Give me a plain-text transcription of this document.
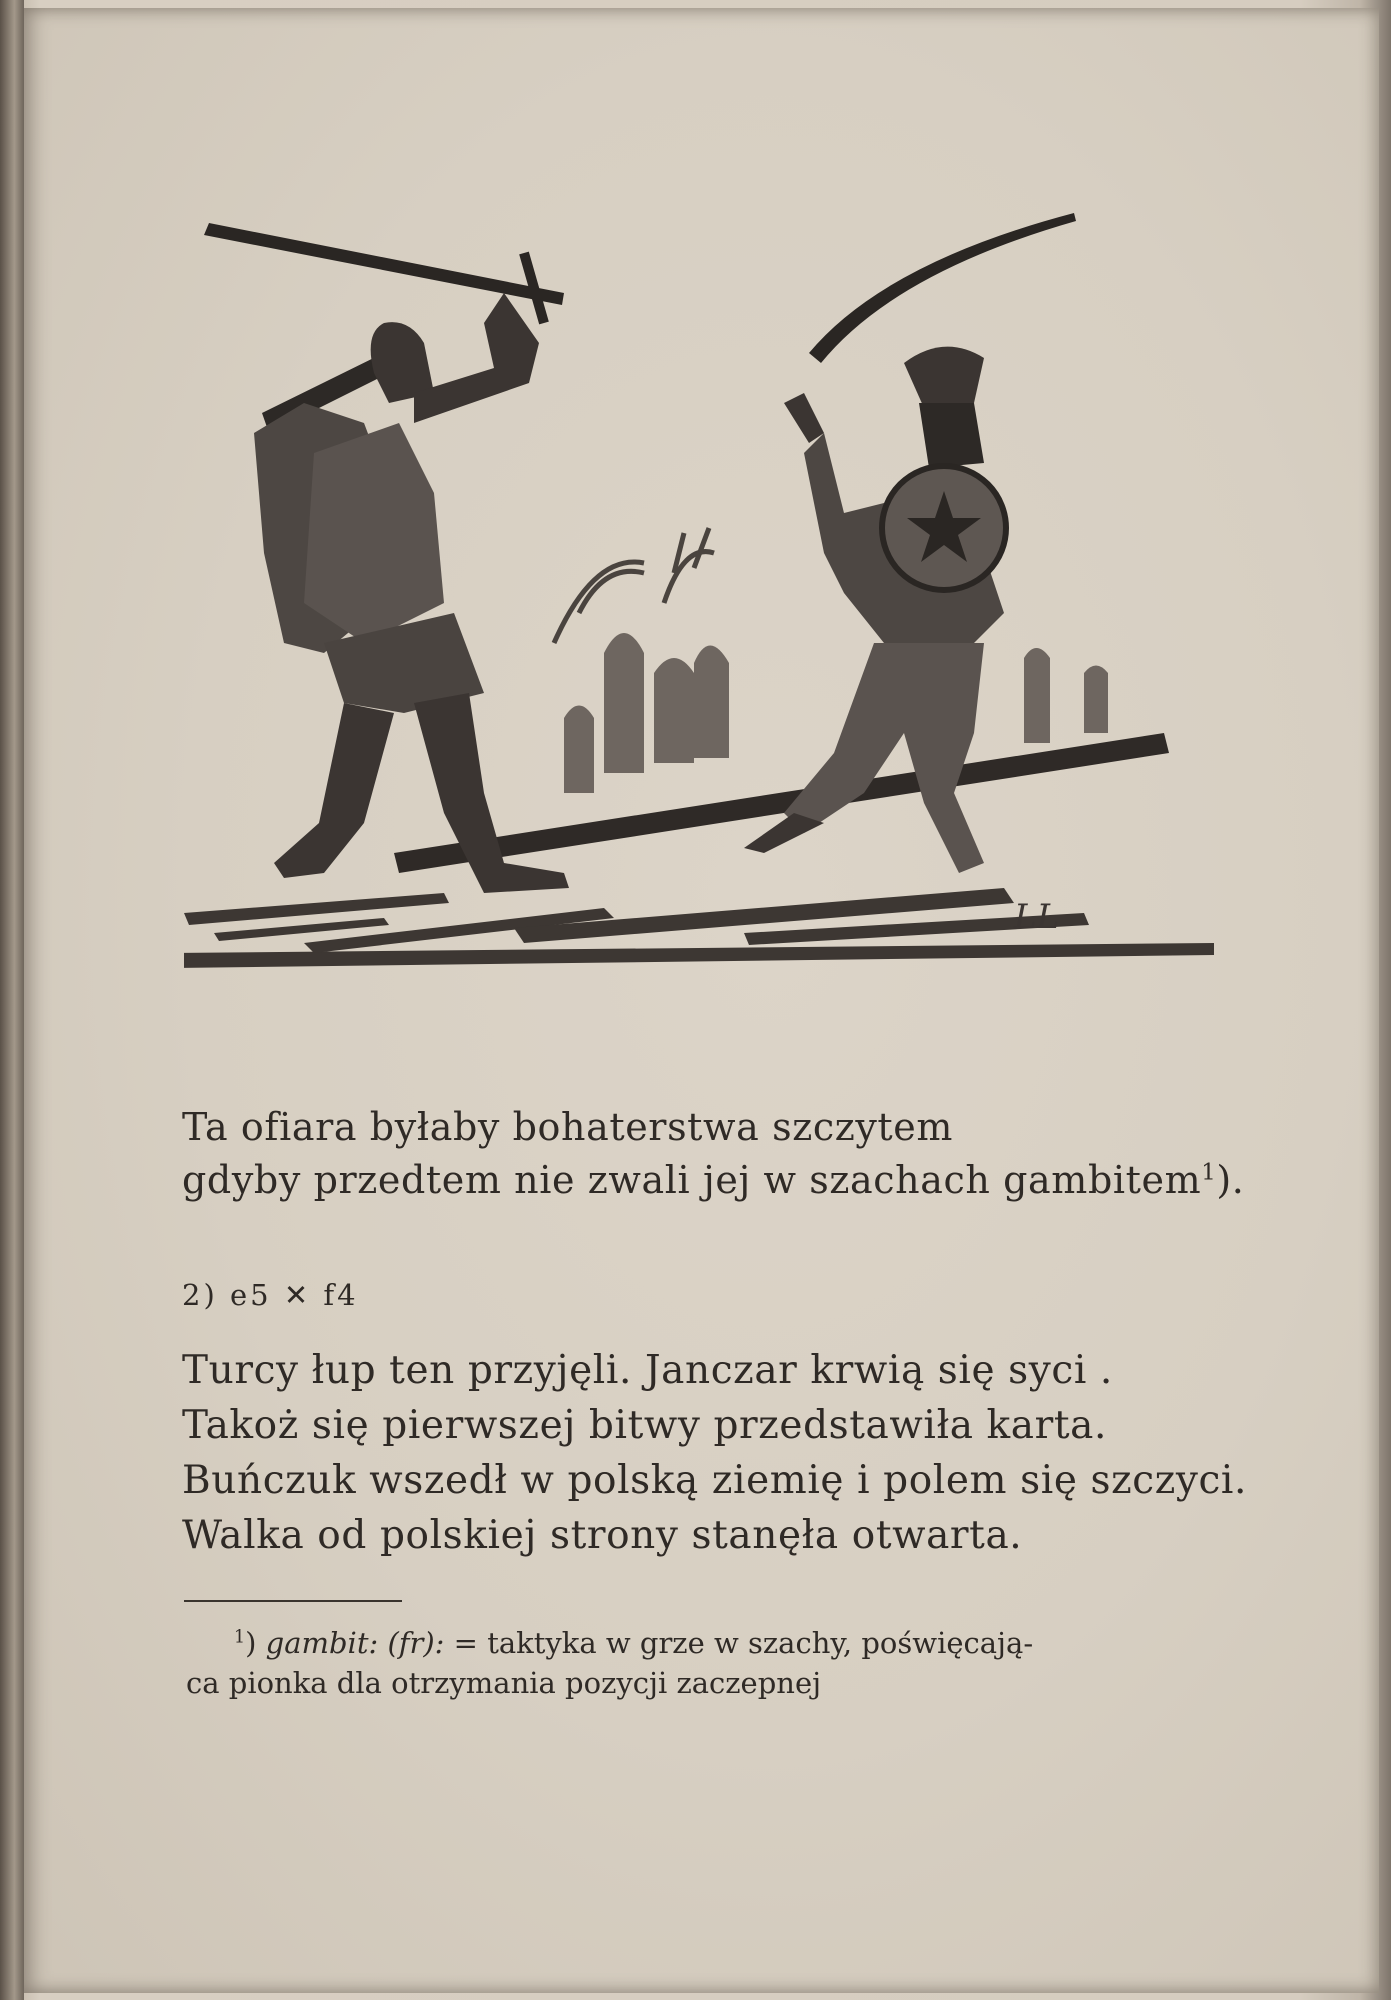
LL
Ta ofiara byłaby bohaterstwa szczytem
gdyby przedtem nie zwali jej w szachach gambitem$^1$).
2) e5 ✕ f4
Turcy łup ten przyjęli. Janczar krwią się syci .
Takoż się pierwszej bitwy przedstawiła karta.
Buńczuk wszedł w polską ziemię i polem się szczyci.
Walka od polskiej strony stanęła otwarta.
$^1$) gambit: (fr): = taktyka w grze w szachy, poświęcają-
ca pionka dla otrzymania pozycji zaczepnej
